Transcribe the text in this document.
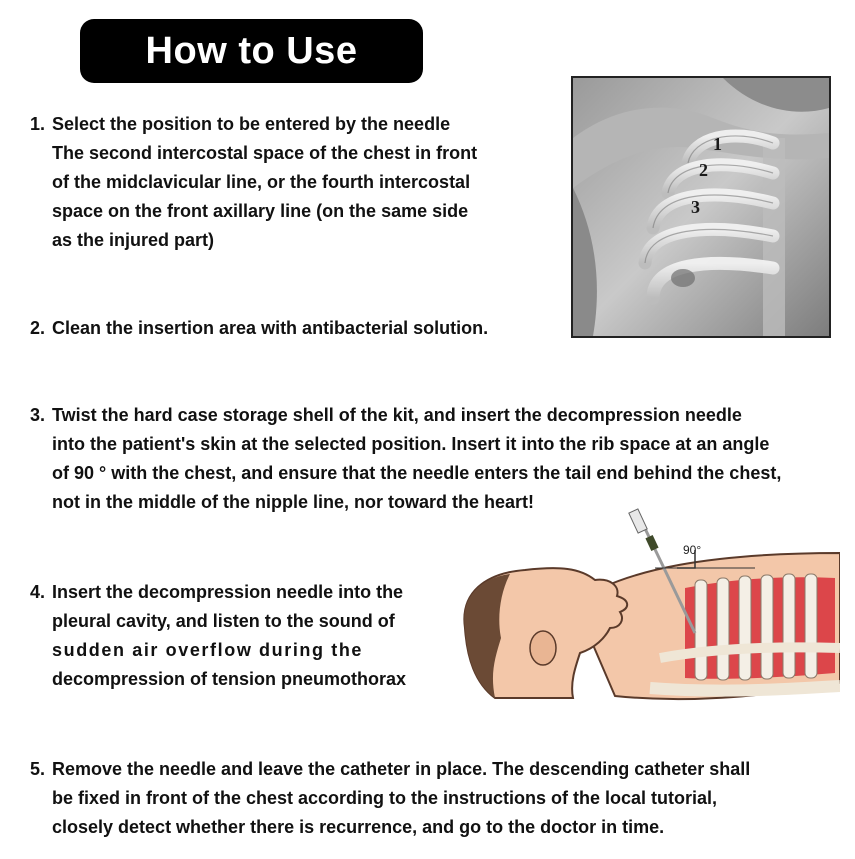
How to Use
1. Select the position to be entered by the needle
The second intercostal space of the chest in front
of the midclavicular line, or the fourth intercostal
space on the front axillary line (on the same side
as the injured part)
2. Clean the insertion area with antibacterial solution.
3. Twist the hard case storage shell of the kit, and insert the decompression needle
into the patient's skin at the selected position. Insert it into the rib space at an angle
of 90 ° with the chest, and ensure that the needle enters the tail end behind the chest,
not in the middle of the nipple line, nor toward the heart!
4. Insert the decompression needle into the
pleural cavity, and listen to the sound of
sudden air overflow during the
decompression of tension pneumothorax
5. Remove the needle and leave the catheter in place. The descending catheter shall
be fixed in front of the chest according to the instructions of the local tutorial,
closely detect whether there is recurrence, and go to the doctor in time.
1
2
3
90°
